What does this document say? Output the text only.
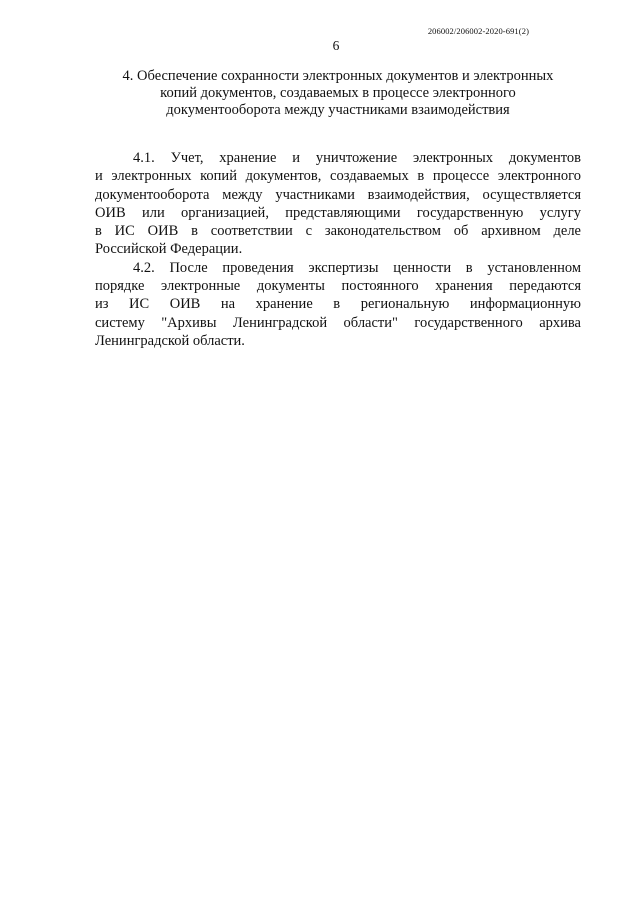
206002/206002-2020-691(2)
6
4. Обеспечение сохранности электронных документов и электронных
копий документов, создаваемых в процессе электронного
документооборота между участниками взаимодействия
4.1. Учет, хранение и уничтожение электронных документов
и электронных копий документов, создаваемых в процессе электронного
документооборота между участниками взаимодействия, осуществляется
ОИВ или организацией, представляющими государственную услугу
в ИС ОИВ в соответствии с законодательством об архивном деле
Российской Федерации.
4.2. После проведения экспертизы ценности в установленном
порядке электронные документы постоянного хранения передаются
из ИС ОИВ на хранение в региональную информационную
систему "Архивы Ленинградской области" государственного архива
Ленинградской области.
